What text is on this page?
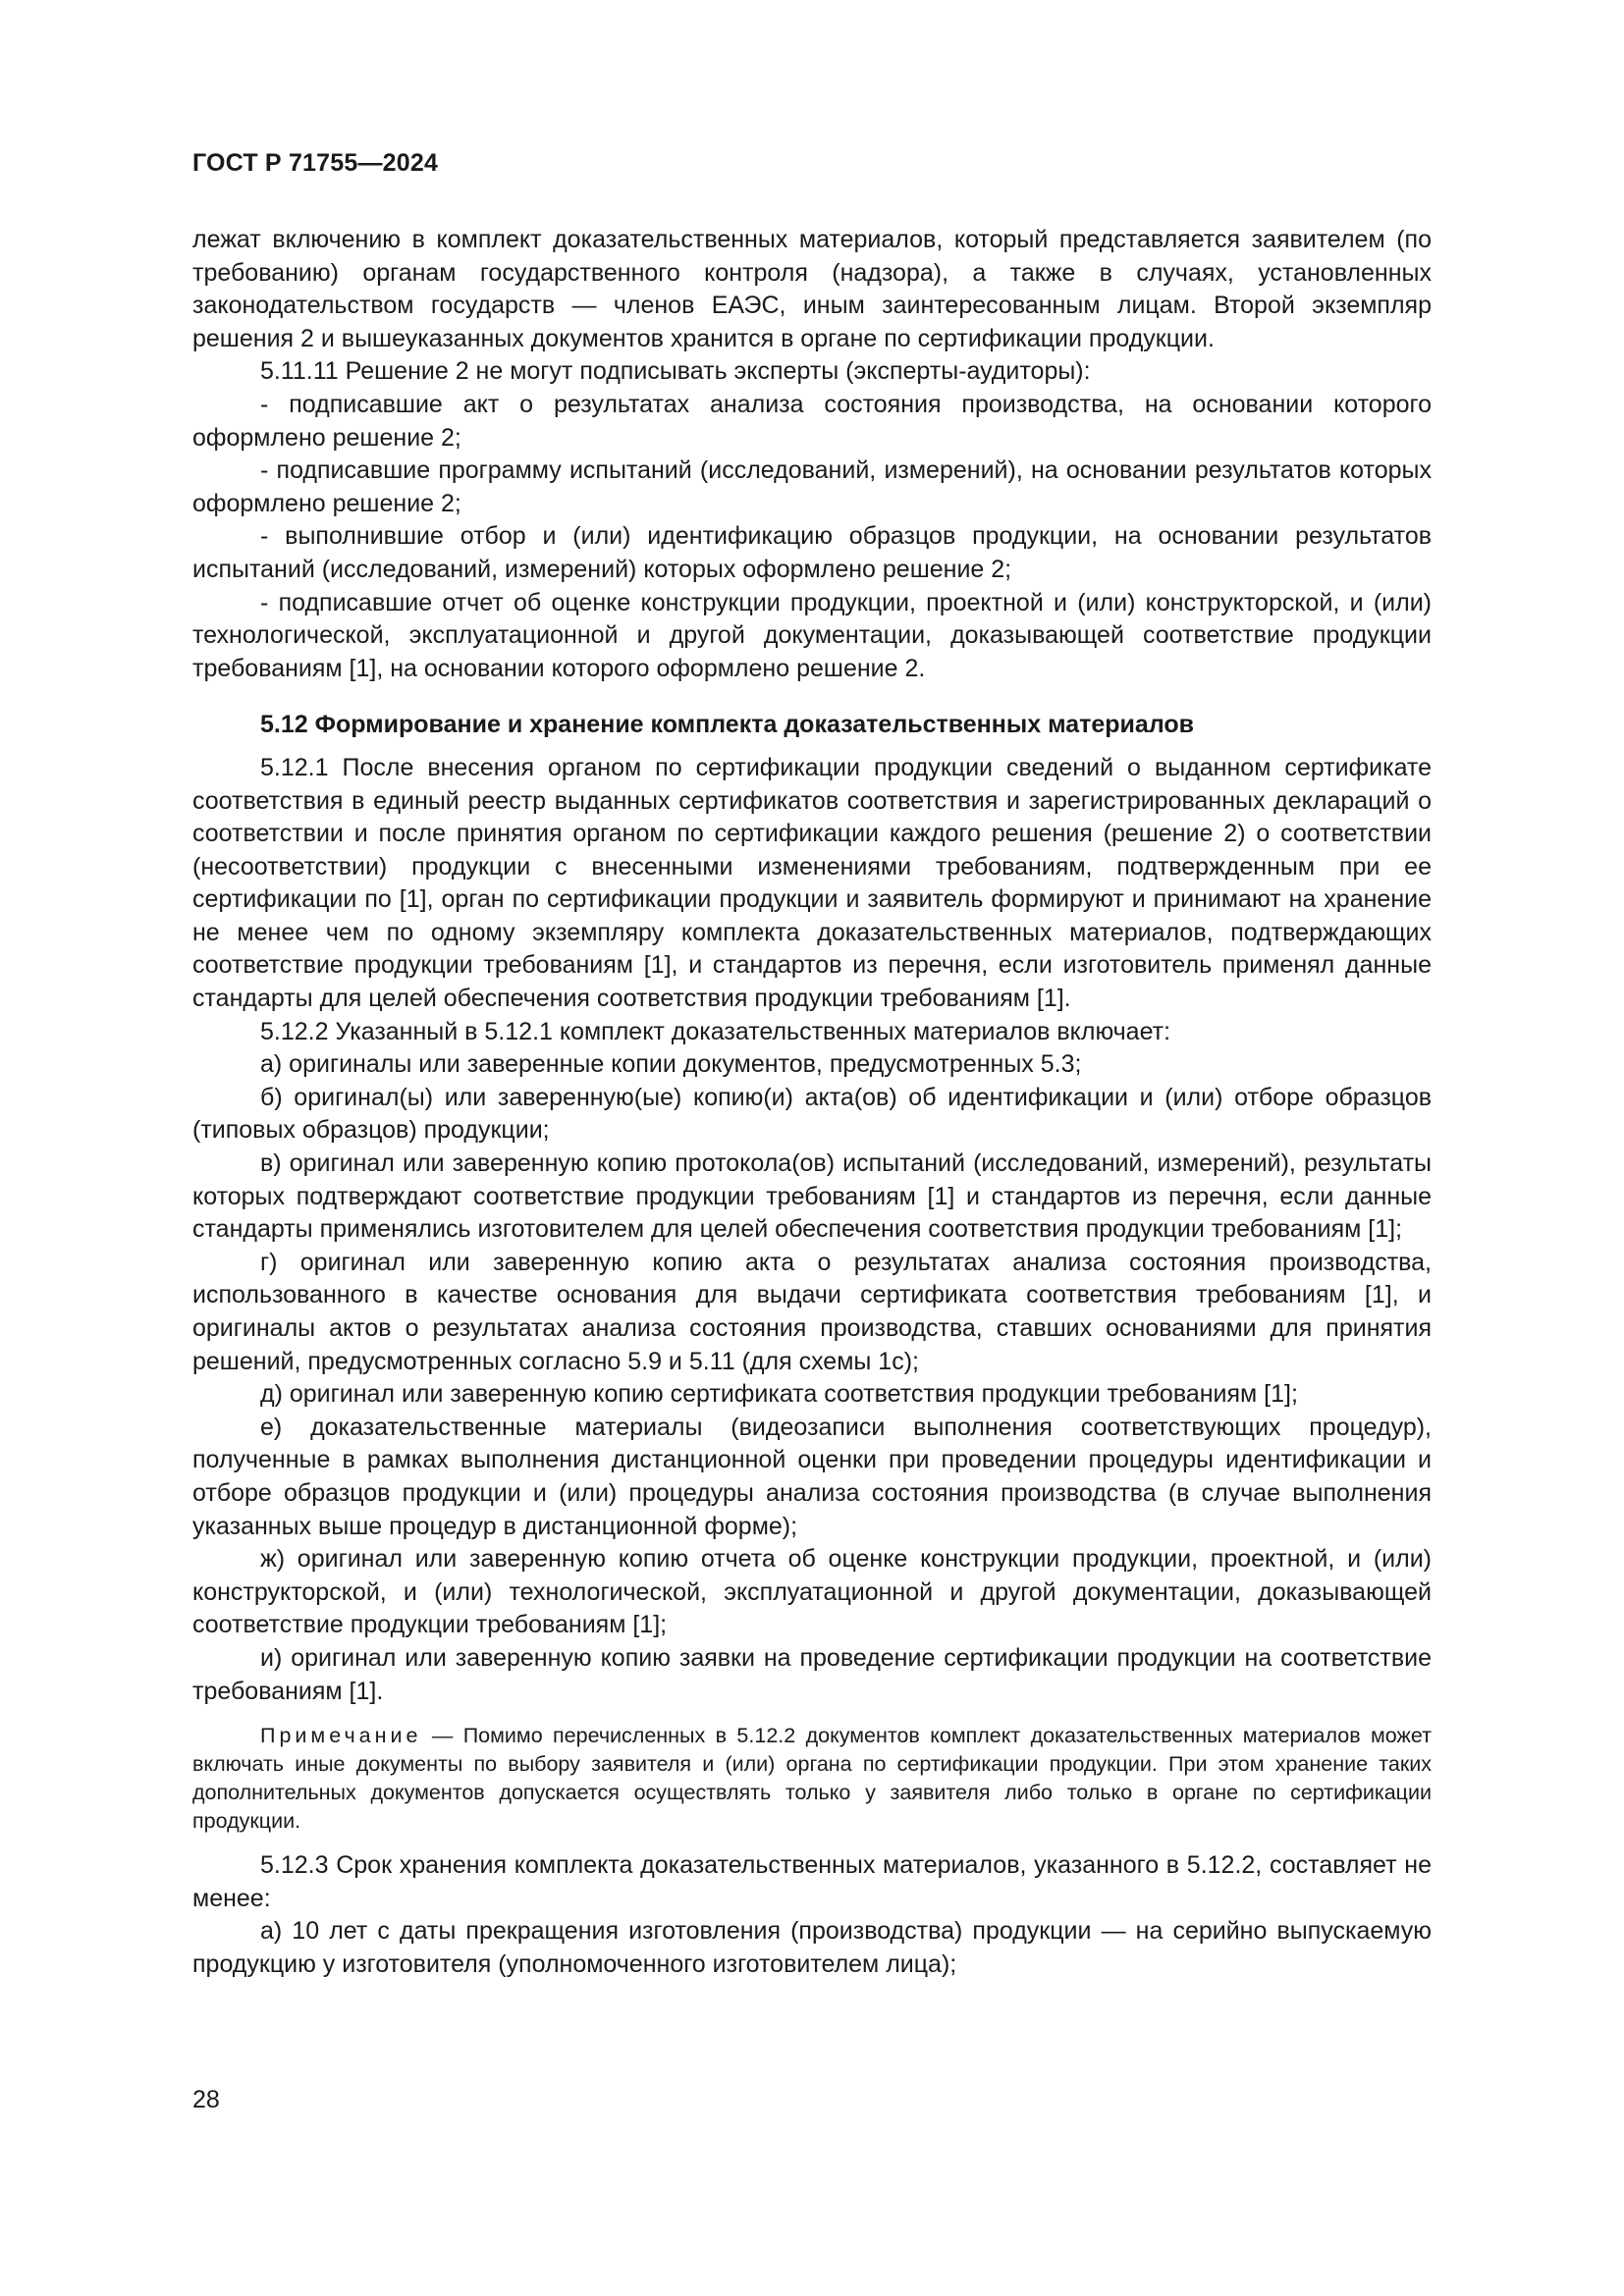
ГОСТ Р 71755—2024

лежат включению в комплект доказательственных материалов, который представляется заявителем (по требованию) органам государственного контроля (надзора), а также в случаях, установленных законодательством государств — членов ЕАЭС, иным заинтересованным лицам. Второй экземпляр решения 2 и вышеуказанных документов хранится в органе по сертификации продукции.

5.11.11 Решение 2 не могут подписывать эксперты (эксперты-аудиторы):

- подписавшие акт о результатах анализа состояния производства, на основании которого оформлено решение 2;

- подписавшие программу испытаний (исследований, измерений), на основании результатов которых оформлено решение 2;

- выполнившие отбор и (или) идентификацию образцов продукции, на основании результатов испытаний (исследований, измерений) которых оформлено решение 2;

- подписавшие отчет об оценке конструкции продукции, проектной и (или) конструкторской, и (или) технологической, эксплуатационной и другой документации, доказывающей соответствие продукции требованиям [1], на основании которого оформлено решение 2.

5.12 Формирование и хранение комплекта доказательственных материалов

5.12.1 После внесения органом по сертификации продукции сведений о выданном сертификате соответствия в единый реестр выданных сертификатов соответствия и зарегистрированных деклараций о соответствии и после принятия органом по сертификации каждого решения (решение 2) о соответствии (несоответствии) продукции с внесенными изменениями требованиям, подтвержденным при ее сертификации по [1], орган по сертификации продукции и заявитель формируют и принимают на хранение не менее чем по одному экземпляру комплекта доказательственных материалов, подтверждающих соответствие продукции требованиям [1], и стандартов из перечня, если изготовитель применял данные стандарты для целей обеспечения соответствия продукции требованиям [1].

5.12.2 Указанный в 5.12.1 комплект доказательственных материалов включает:

а) оригиналы или заверенные копии документов, предусмотренных 5.3;

б) оригинал(ы) или заверенную(ые) копию(и) акта(ов) об идентификации и (или) отборе образцов (типовых образцов) продукции;

в) оригинал или заверенную копию протокола(ов) испытаний (исследований, измерений), результаты которых подтверждают соответствие продукции требованиям [1] и стандартов из перечня, если данные стандарты применялись изготовителем для целей обеспечения соответствия продукции требованиям [1];

г) оригинал или заверенную копию акта о результатах анализа состояния производства, использованного в качестве основания для выдачи сертификата соответствия требованиям [1], и оригиналы актов о результатах анализа состояния производства, ставших основаниями для принятия решений, предусмотренных согласно 5.9 и 5.11 (для схемы 1с);

д) оригинал или заверенную копию сертификата соответствия продукции требованиям [1];

е) доказательственные материалы (видеозаписи выполнения соответствующих процедур), полученные в рамках выполнения дистанционной оценки при проведении процедуры идентификации и отборе образцов продукции и (или) процедуры анализа состояния производства (в случае выполнения указанных выше процедур в дистанционной форме);

ж) оригинал или заверенную копию отчета об оценке конструкции продукции, проектной, и (или) конструкторской, и (или) технологической, эксплуатационной и другой документации, доказывающей соответствие продукции требованиям [1];

и) оригинал или заверенную копию заявки на проведение сертификации продукции на соответствие требованиям [1].

Примечание — Помимо перечисленных в 5.12.2 документов комплект доказательственных материалов может включать иные документы по выбору заявителя и (или) органа по сертификации продукции. При этом хранение таких дополнительных документов допускается осуществлять только у заявителя либо только в органе по сертификации продукции.

5.12.3 Срок хранения комплекта доказательственных материалов, указанного в 5.12.2, составляет не менее:

а) 10 лет с даты прекращения изготовления (производства) продукции — на серийно выпускаемую продукцию у изготовителя (уполномоченного изготовителем лица);

28
